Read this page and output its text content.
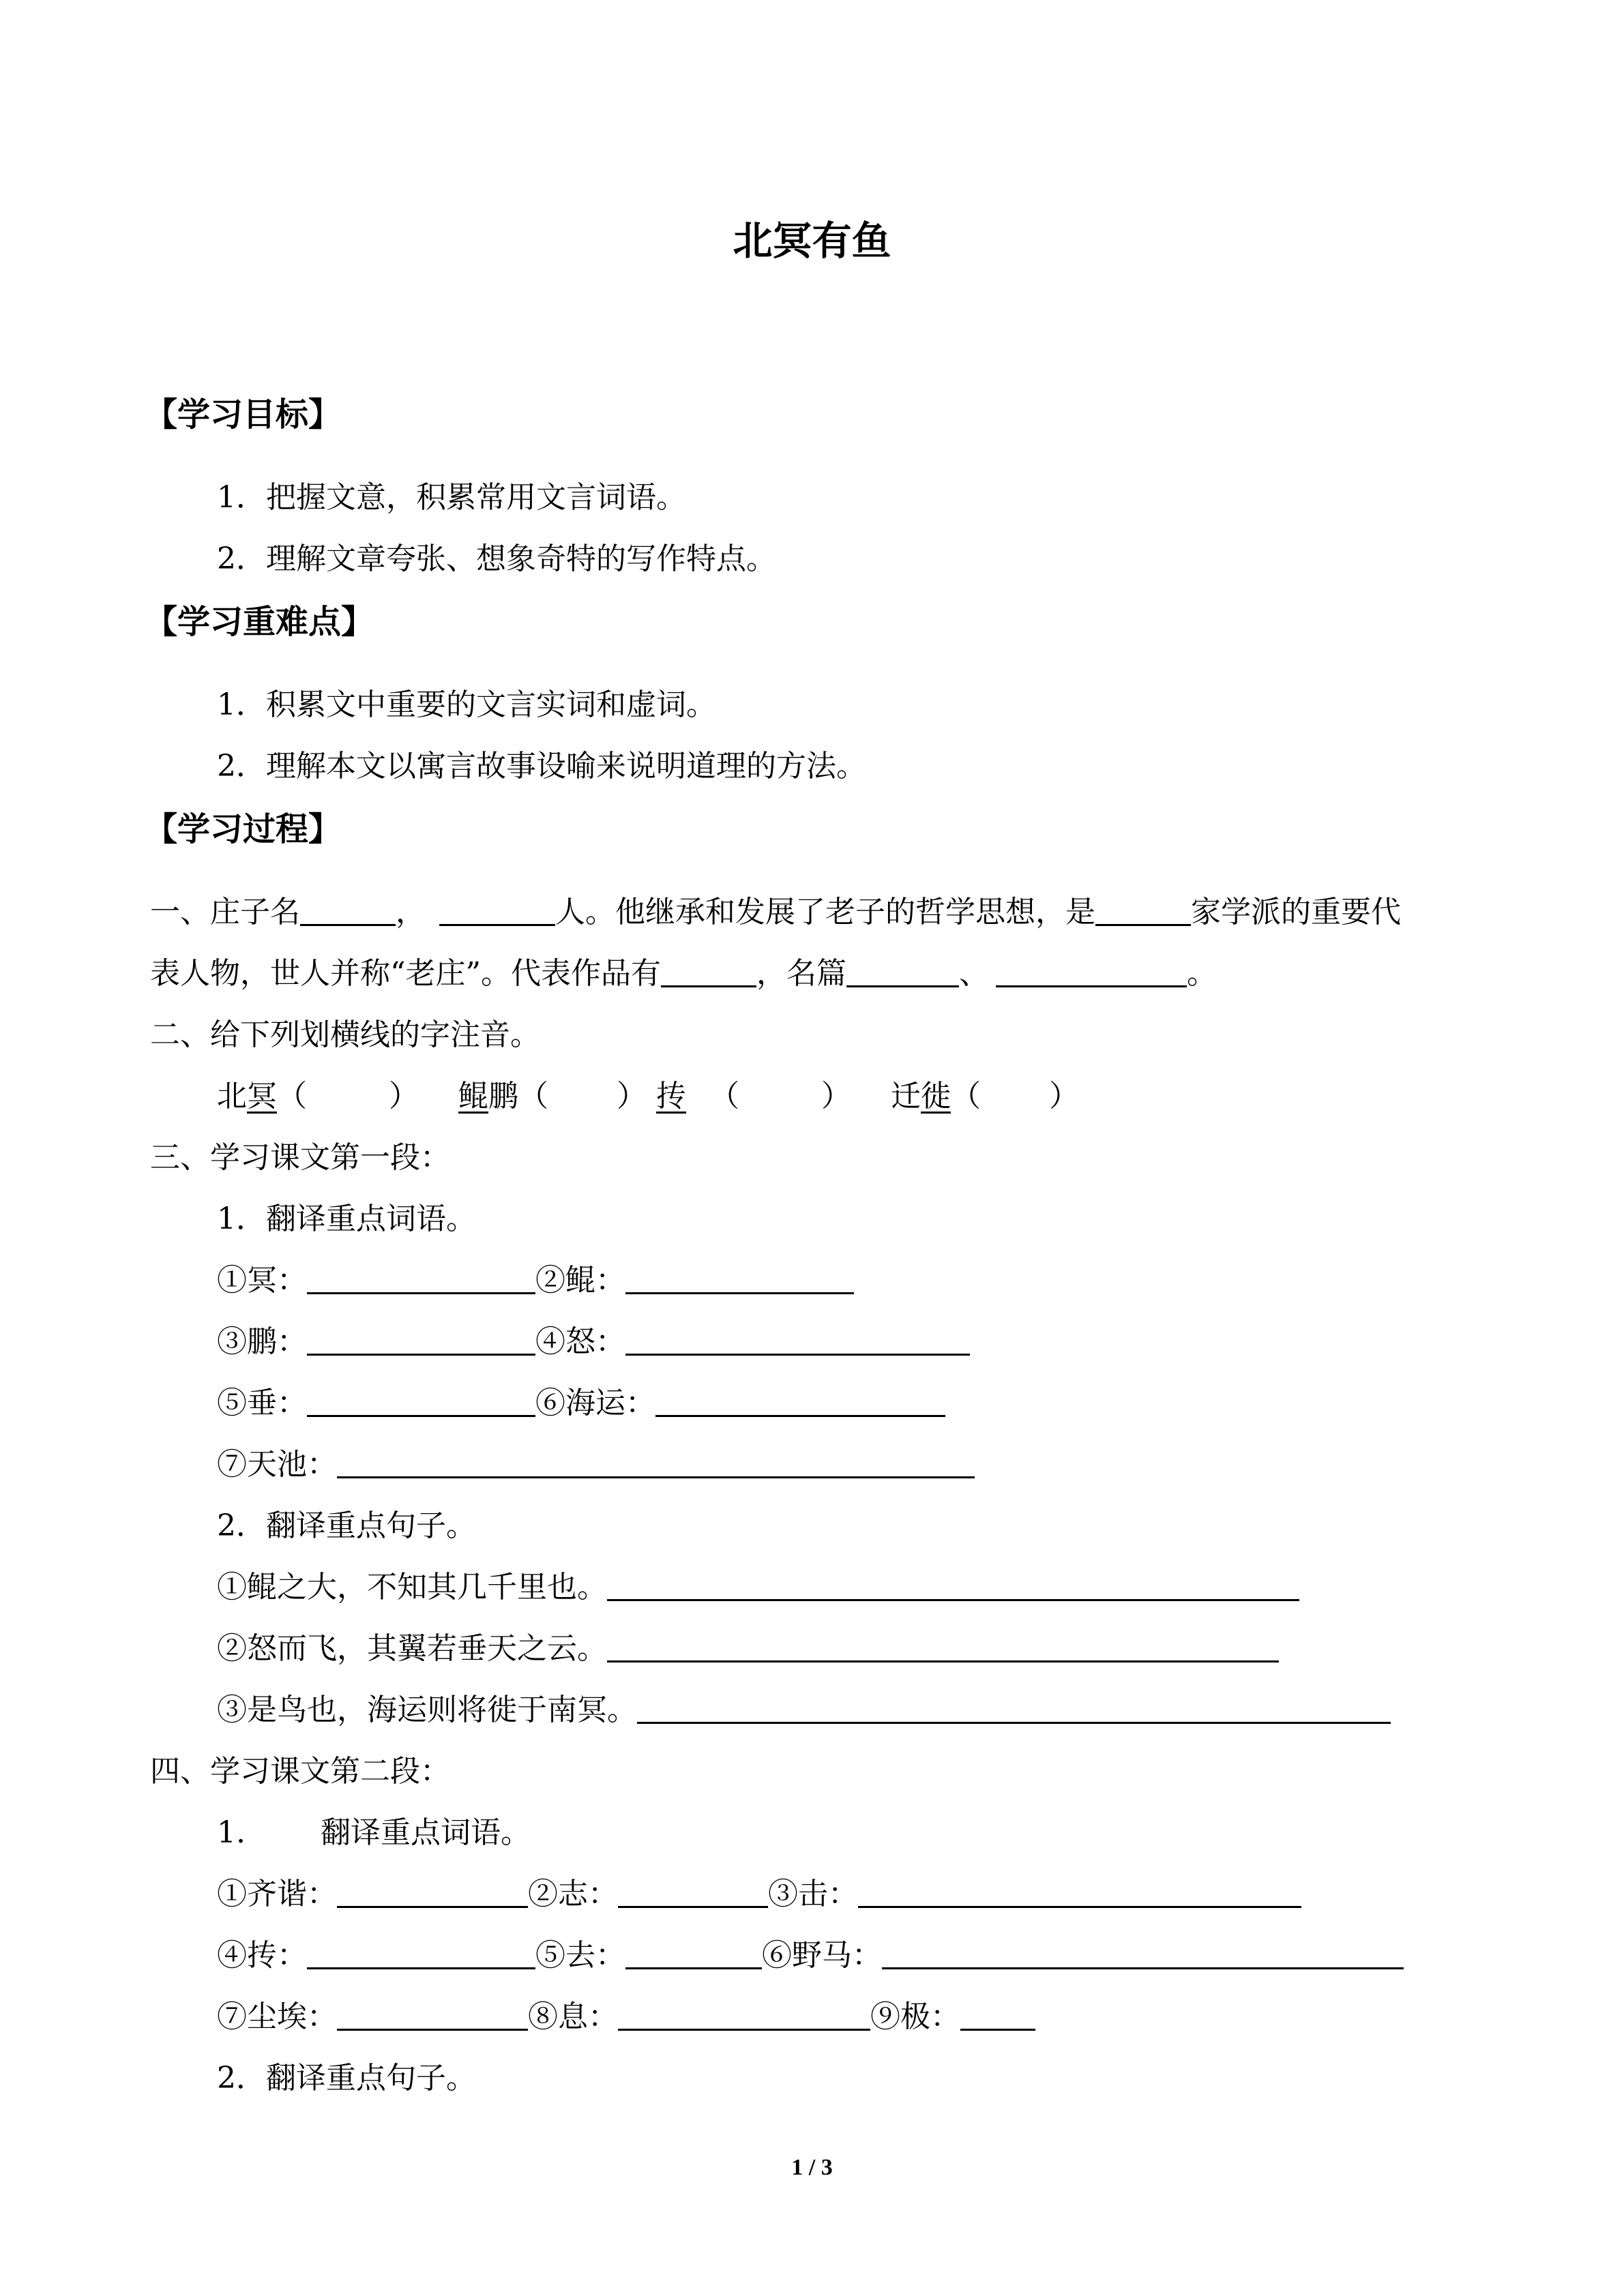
北冥有鱼
【学习目标】
1．把握文意，积累常用文言词语。
2．理解文章夸张、想象奇特的写作特点。
【学习重难点】
1．积累文中重要的文言实词和虚词。
2．理解本文以寓言故事设喻来说明道理的方法。
【学习过程】
一、庄子名	，	人。他继承和发展了老子的哲学思想，是	家学派的重要代
表人物，世人并称“老庄”。代表作品有	，名篇	、	。
二、给下列划横线的字注音。
北冥（	） 鲲鹏（ ） 抟 （	） 迁徙（ ）
三、学习课文第一段：
1．翻译重点词语。
①冥：	②鲲：
③鹏：	④怒：
⑤垂：	⑥海运：
⑦天池：
2．翻译重点句子。
①鲲之大，不知其几千里也。
②怒而飞，其翼若垂天之云。
③是鸟也，海运则将徙于南冥。
四、学习课文第二段：
1.	翻译重点词语。
①齐谐：	②志：	③击：
④抟：	⑤去：	⑥野马：
⑦尘埃：	⑧息：	⑨极：
2．翻译重点句子。
1 / 3
